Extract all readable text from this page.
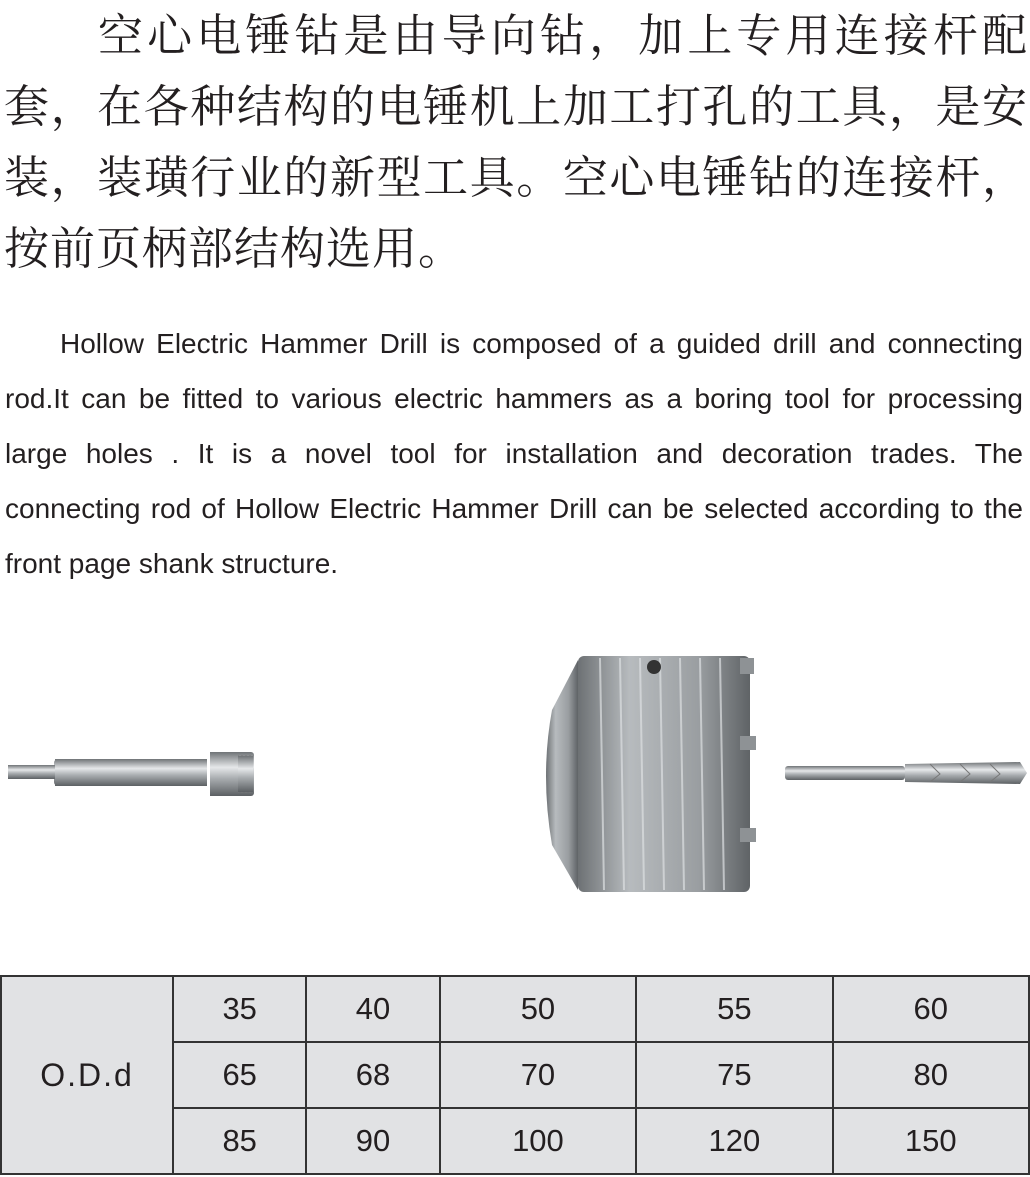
空心电锤钻是由导向钻，加上专用连接杆配套，在各种结构的电锤机上加工打孔的工具，是安装，装璜行业的新型工具。空心电锤钻的连接杆，按前页柄部结构选用。

Hollow Electric Hammer Drill is composed of a guided drill and connecting rod.It can be fitted to various electric hammers as a boring tool for processing large holes . It is a novel tool for installation and decoration trades. The connecting rod of Hollow Electric Hammer Drill can be selected according to the front page shank structure.

O.D.d	35	40	50	55	60
	65	68	70	75	80
	85	90	100	120	150
